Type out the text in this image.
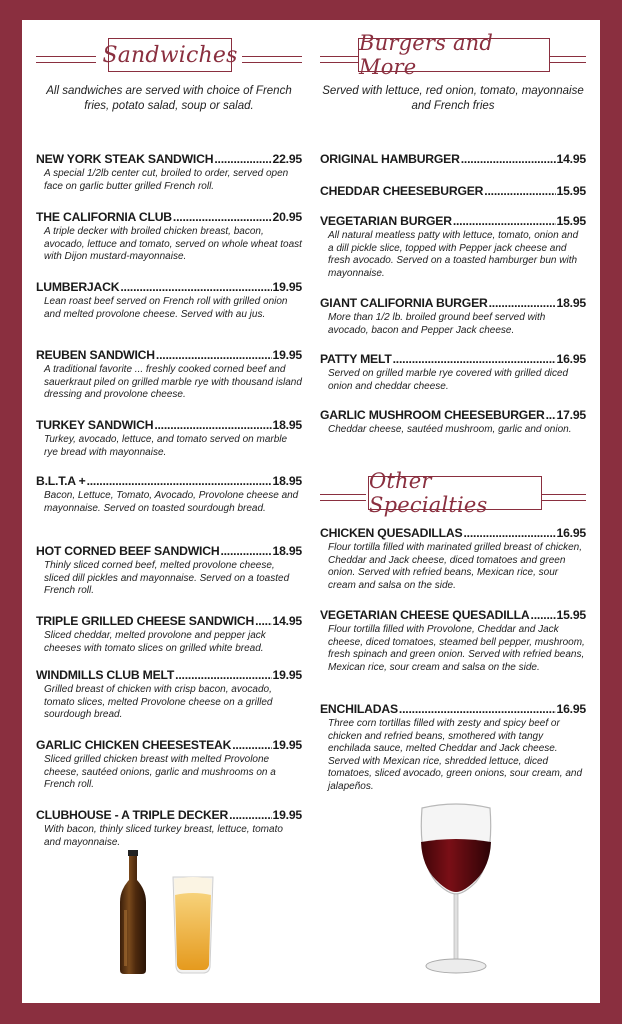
Sandwiches
All sandwiches are served with choice of French fries, potato salad, soup or salad.
NEW YORK STEAK SANDWICH .....	22.95
A special 1/2lb center cut, broiled to order, served open face on garlic butter grilled French roll.
THE CALIFORNIA CLUB .....	20.95
A triple decker with broiled chicken breast, bacon, avocado, lettuce and tomato, served on whole wheat toast with Dijon mustard-mayonnaise.
LUMBERJACK .....	19.95
Lean roast beef served on French roll with grilled onion and melted provolone cheese. Served with au jus.
REUBEN SANDWICH .....	19.95
A traditional favorite ... freshly cooked corned beef and sauerkraut piled on grilled marble rye with thousand island dressing and provolone cheese.
TURKEY SANDWICH .....	18.95
Turkey, avocado, lettuce, and tomato served on marble rye bread with mayonnaise.
B.L.T.A + .....	18.95
Bacon, Lettuce, Tomato, Avocado, Provolone cheese and mayonnaise. Served on toasted sourdough bread.
HOT CORNED BEEF SANDWICH .....	18.95
Thinly sliced corned beef, melted provolone cheese, sliced dill pickles and mayonnaise. Served on a toasted French roll.
TRIPLE GRILLED CHEESE SANDWICH ..... 14.95
Sliced cheddar, melted provolone and pepper jack cheeses with tomato slices on grilled white bread.
WINDMILLS CLUB MELT .....	19.95
Grilled breast of chicken with crisp bacon, avocado, tomato slices, melted Provolone cheese on a grilled sourdough bread.
GARLIC CHICKEN CHEESESTEAK .....	19.95
Sliced grilled chicken breast with melted Provolone cheese, sautéed onions, garlic and mushrooms on a French roll.
CLUBHOUSE - A TRIPLE DECKER .....	19.95
With bacon, thinly sliced turkey breast, lettuce, tomato and mayonnaise.
Burgers and More
Served with lettuce, red onion, tomato, mayonnaise and French fries
ORIGINAL HAMBURGER .....	14.95
CHEDDAR CHEESEBURGER .....	15.95
VEGETARIAN BURGER .....	15.95
All natural meatless patty with lettuce, tomato, onion and a dill pickle slice, topped with Pepper jack cheese and fresh avocado. Served on a toasted hamburger bun with mayonnaise.
GIANT CALIFORNIA BURGER .....	18.95
More than 1/2 lb. broiled ground beef served with avocado, bacon and Pepper Jack cheese.
PATTY MELT .....	16.95
Served on grilled marble rye covered with grilled diced onion and cheddar cheese.
GARLIC MUSHROOM CHEESEBURGER ..... 17.95
Cheddar cheese, sautéed mushroom, garlic and onion.
Other Specialties
CHICKEN QUESADILLAS .....	16.95
Flour tortilla filled with marinated grilled breast of chicken, Cheddar and Jack cheese, diced tomatoes and green onion. Served with refried beans, Mexican rice, sour cream and salsa on the side.
VEGETARIAN CHEESE QUESADILLA ..... 15.95
Flour tortilla filled with Provolone, Cheddar and Jack cheese, diced tomatoes, steamed bell pepper, mushroom, fresh spinach and green onion. Served with refried beans, Mexican rice, sour cream and salsa on the side.
ENCHILADAS .....	16.95
Three corn tortillas filled with zesty and spicy beef or chicken and refried beans, smothered with tangy enchilada sauce, melted Cheddar and Jack cheese. Served with Mexican rice, shredded lettuce, diced tomatoes, sliced avocado, green onions, sour cream, and jalapeños.
